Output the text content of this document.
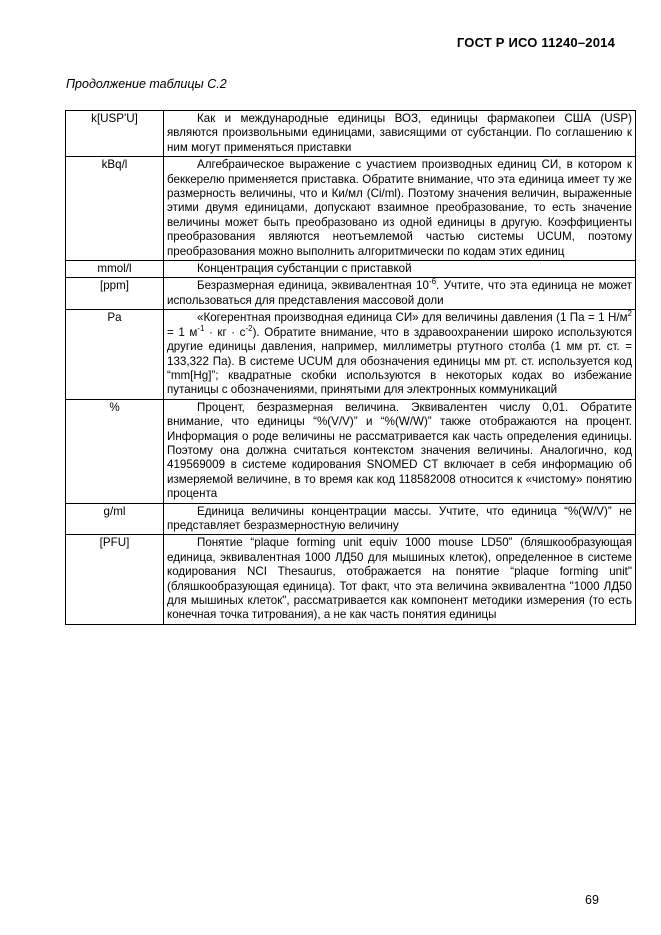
ГОСТ Р ИСО 11240–2014
Продолжение таблицы С.2
k[USP'U]	Как и международные единицы ВОЗ, единицы фармакопеи США (USP) являются произвольными единицами, зависящими от субстанции. По соглашению к ним могут применяться приставки
kBq/l	Алгебраическое выражение с участием производных единиц СИ, в котором к беккерелю применяется приставка. Обратите внимание, что эта единица имеет ту же размерность величины, что и Ки/мл (Ci/ml). Поэтому значения величин, выраженные этими двумя единицами, допускают взаимное преобразование, то есть значение величины может быть преобразовано из одной единицы в другую. Коэффициенты преобразования являются неотъемлемой частью системы UCUM, поэтому преобразования можно выполнить алгоритмически по кодам этих единиц
mmol/l	Концентрация субстанции с приставкой
[ppm]	Безразмерная единица, эквивалентная $10^{-6}$. Учтите, что эта единица не может использоваться для представления массовой доли
Pa	«Когерентная производная единица СИ» для величины давления (1 Па = 1 $Н/м^2 = 1$ $м^{-1}$ · кг · $с^{-2}$). Обратите внимание, что в здравоохранении широко используются другие единицы давления, например, миллиметры ртутного столба (1 мм рт. ст. = 133,322 Па). В системе UCUM для обозначения единицы мм рт. ст. используется код “mm[Hg]”; квадратные скобки используются в некоторых кодах во избежание путаницы с обозначениями, принятыми для электронных коммуникаций
%	Процент, безразмерная величина. Эквивалентен числу 0,01. Обратите внимание, что единицы “%(V/V)” и “%(W/W)” также отображаются на процент. Информация о роде величины не рассматривается как часть определения единицы. Поэтому она должна считаться контекстом значения величины. Аналогично, код 419569009 в системе кодирования SNOMED CT включает в себя информацию об измеряемой величине, в то время как код 118582008 относится к «чистому» понятию процента
g/ml	Единица величины концентрации массы. Учтите, что единица “%(W/V)” не представляет безразмерностную величину
[PFU]	Понятие “plaque forming unit equiv 1000 mouse LD50” (бляшкообразующая единица, эквивалентная 1000 ЛД50 для мышиных клеток), определенное в системе кодирования NCI Thesaurus, отображается на понятие “plaque forming unit" (бляшкообразующая единица). Тот факт, что эта величина эквивалентна "1000 ЛД50 для мышиных клеток", рассматривается как компонент методики измерения (то есть конечная точка титрования), а не как часть понятия единицы
69
